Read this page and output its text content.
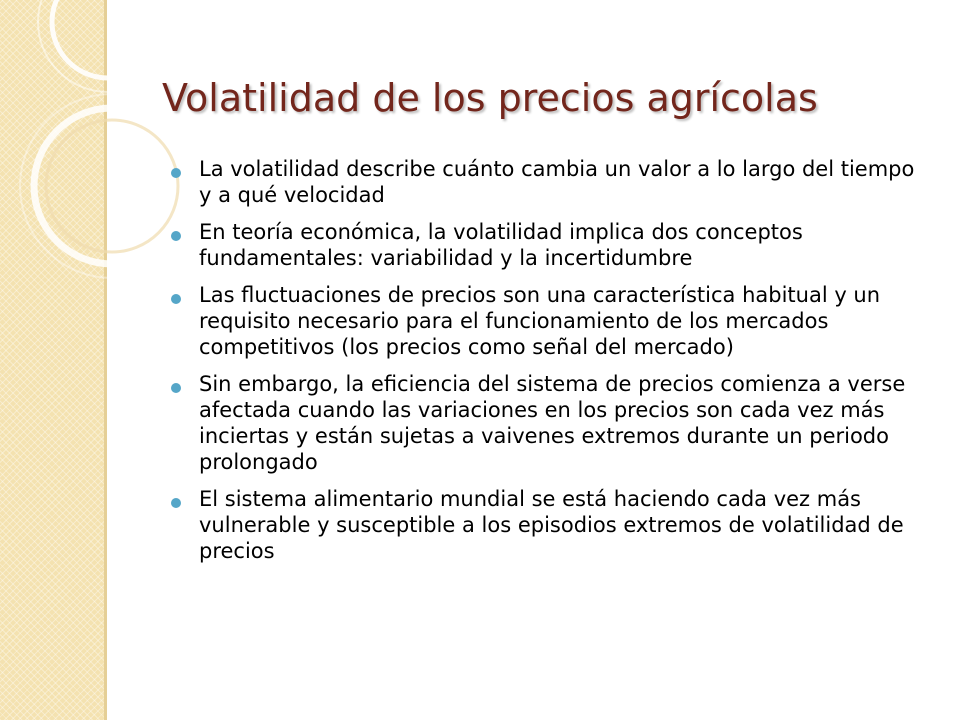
Volatilidad de los precios agrícolas
La volatilidad describe cuánto cambia un valor a lo largo del tiempo y a qué velocidad
En teoría económica, la volatilidad implica dos conceptos fundamentales: variabilidad y la incertidumbre
Las fluctuaciones de precios son una característica habitual y un requisito necesario para el funcionamiento de los mercados competitivos (los precios como señal del mercado)
Sin embargo, la eficiencia del sistema de precios comienza a verse afectada cuando las variaciones en los precios son cada vez más inciertas y están sujetas a vaivenes extremos durante un periodo prolongado
El sistema alimentario mundial se está haciendo cada vez más vulnerable y susceptible a los episodios extremos de volatilidad de precios
